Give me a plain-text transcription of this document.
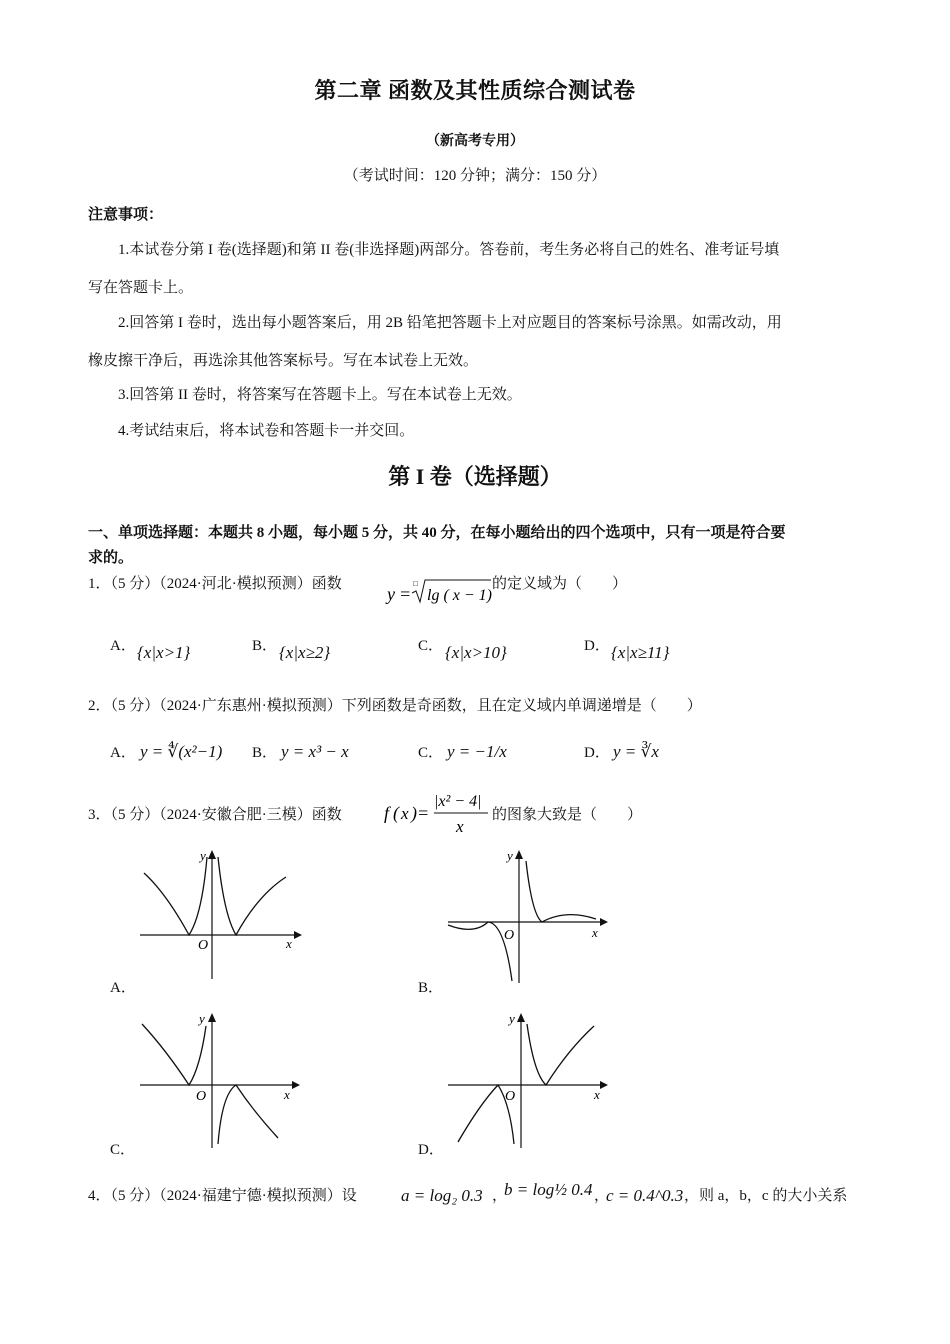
第二章 函数及其性质综合测试卷
（新高考专用）
（考试时间：120 分钟；满分：150 分）
注意事项：
1.本试卷分第 I 卷(选择题)和第 II 卷(非选择题)两部分。答卷前，考生务必将自己的姓名、准考证号填
写在答题卡上。
2.回答第 I 卷时，选出每小题答案后，用 2B 铅笔把答题卡上对应题目的答案标号涂黑。如需改动，用
橡皮擦干净后，再选涂其他答案标号。写在本试卷上无效。
3.回答第 II 卷时，将答案写在答题卡上。写在本试卷上无效。
4.考试结束后，将本试卷和答题卡一并交回。
第 I 卷（选择题）
一、单项选择题：本题共 8 小题，每小题 5 分，共 40 分，在每小题给出的四个选项中，只有一项是符合要
求的。
1．（5 分）（2024·河北·模拟预测）函数	y =
□
lg ( x − 1)
的定义域为（　　）
A． {x|x>1}	B． {x|x≥2}	C． {x|x>10}	D． {x|x≥11}
2．（5 分）（2024·广东惠州·模拟预测）下列函数是奇函数，且在定义域内单调递增是（　　）
A． y = ∜(x²−1) B． y = x³ − x	C． y = −1/x	D． y = ∛x
3．（5 分）（2024·安徽合肥·三模）函数 f ( x ) =
|x² − 4|
x
的图象大致是（　　）
O	x
y
A．
O	x
y
B．
O	x
y
C．
O	x
y
D．
4．（5 分）（2024·福建宁德·模拟预测）设	a = log₂ 0.3 ，
b = log½ 0.4 ，
c = 0.4^0.3 ，则 a，b，c 的大小关系
